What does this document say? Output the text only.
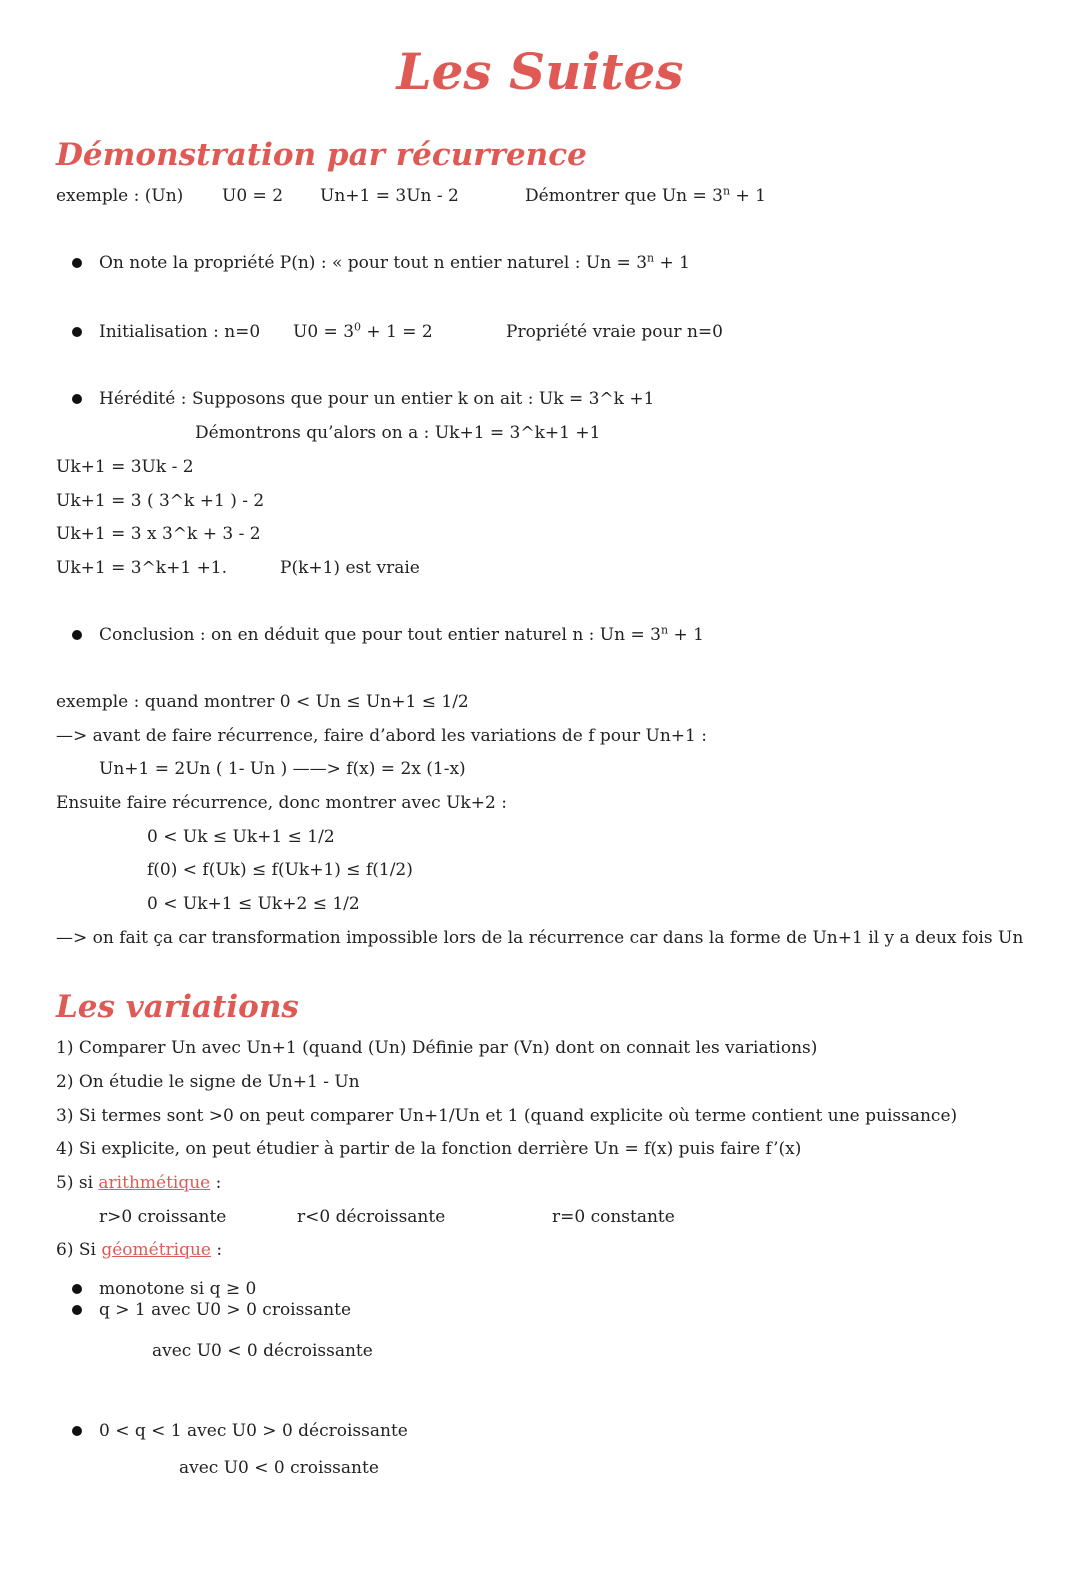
Les Suites
Démonstration par récurrence
exemple : (Un) U0 = 2 Un+1 = 3Un - 2	Démontrer que $Un = 3^n + 1$
On note la propriété P(n) : « pour tout n entier naturel : $Un = 3^n + 1$
Initialisation : n=0 $U0 = 3^0 + 1 = 2$	Propriété vraie pour n=0
Hérédité : Supposons que pour un entier k on ait : Uk = 3^k +1
Démontrons qu’alors on a : Uk+1 = 3^k+1 +1
Uk+1 = 3Uk - 2
Uk+1 = 3 ( 3^k +1 ) - 2
Uk+1 = 3 x 3^k + 3 - 2
Uk+1 = 3^k+1 +1.	P(k+1) est vraie
Conclusion : on en déduit que pour tout entier naturel n : $Un = 3^n + 1$
exemple : quand montrer 0 < Un ≤ Un+1 ≤ 1/2
—> avant de faire récurrence, faire d’abord les variations de f pour Un+1 :
Un+1 = 2Un ( 1- Un ) ——> f(x) = 2x (1-x)
Ensuite faire récurrence, donc montrer avec Uk+2 :
0 < Uk ≤ Uk+1 ≤ 1/2
f(0) < f(Uk) ≤ f(Uk+1) ≤ f(1/2)
0 < Uk+1 ≤ Uk+2 ≤ 1/2
—> on fait ça car transformation impossible lors de la récurrence car dans la forme de Un+1 il y a deux fois Un
Les variations
1) Comparer Un avec Un+1 (quand (Un) Définie par (Vn) dont on connait les variations)
2) On étudie le signe de Un+1 - Un
3) Si termes sont >0 on peut comparer Un+1/Un et 1 (quand explicite où terme contient une puissance)
4) Si explicite, on peut étudier à partir de la fonction derrière Un = f(x) puis faire f’(x)
5) si arithmétique :
r>0 croissante	r<0 décroissante	r=0 constante
6) Si géométrique :
monotone si q ≥ 0
q > 1 avec U0 > 0 croissante
avec U0 < 0 décroissante
0 < q < 1 avec U0 > 0 décroissante
avec U0 < 0 croissante
